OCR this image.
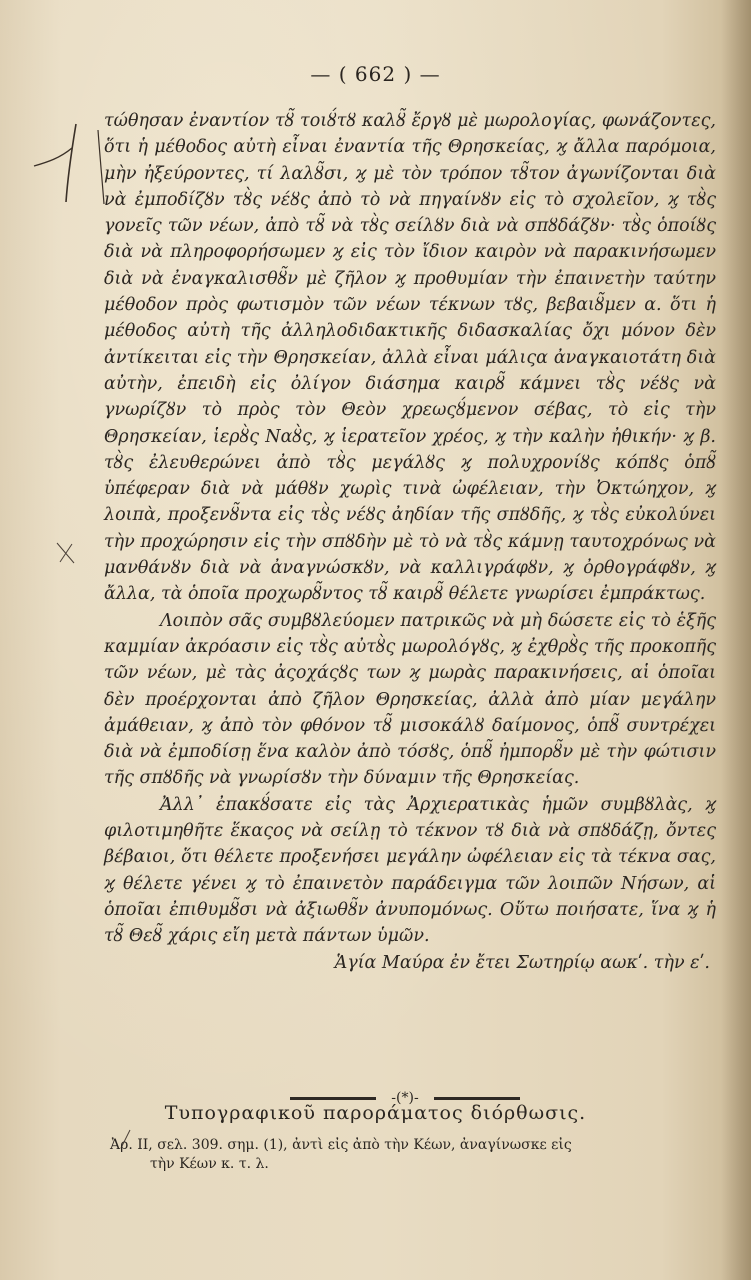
— ( 662 ) —

τώθησαν ἐναντίον τȣ̃ τοιȣ́τȣ καλȣ̃ ἔργȣ μὲ μωρολογίας, φωνάζοντες, ὅτι ἡ μέθοδος αὐτὴ εἶναι ἐναντία τῆς Θρησκείας, ϗ ἄλλα παρόμοια, μὴν ἠξεύροντες, τί λαλȣ̃σι, ϗ μὲ τὸν τρόπον τȣ̃τον ἀγωνίζονται διὰ νὰ ἐμποδίζȣν τȣ̀ς νέȣς ἀπὸ τὸ νὰ πηγαίνȣν εἰς τὸ σχολεῖον, ϗ τȣ̀ς γονεῖς τῶν νέων, ἀπὸ τȣ̃ νὰ τȣ̀ς σείλȣν διὰ νὰ σπȣδάζȣν· τȣ̀ς ὁποίȣς διὰ νὰ πληροφορήσωμεν ϗ εἰς τὸν ἴδιον καιρὸν νὰ παρακινήσωμεν διὰ νὰ ἐναγκαλισθȣ̃ν μὲ ζῆλον ϗ προθυμίαν τὴν ἐπαινετὴν ταύτην μέθοδον πρὸς φωτισμὸν τῶν νέων τέκνων τȣς, βεβαιȣ̃μεν α. ὅτι ἡ μέθοδος αὐτὴ τῆς ἀλληλοδιδακτικῆς διδασκαλίας ὄχι μόνον δὲν ἀντίκειται εἰς τὴν Θρησκείαν, ἀλλὰ εἶναι μάλιςα ἀναγκαιοτάτη διὰ αὐτὴν, ἐπειδὴ εἰς ὀλίγον διάσημα καιρȣ̃ κάμνει τȣ̀ς νέȣς νὰ γνωρίζȣν τὸ πρὸς τὸν Θεὸν χρεωςȣ́μενον σέβας, τὸ εἰς τὴν Θρησκείαν, ἱερȣ̀ς Ναȣ̀ς, ϗ ἱερατεῖον χρέος, ϗ τὴν καλὴν ἠθικήν· ϗ β. τȣ̀ς ἐλευθερώνει ἀπὸ τȣ̀ς μεγάλȣς ϗ πολυχρονίȣς κόπȣς ὁπȣ̃ ὑπέφεραν διὰ νὰ μάθȣν χωρὶς τινὰ ὠφέλειαν, τὴν Ὀκτώηχον, ϗ λοιπὰ, προξενȣ̃ντα εἰς τȣ̀ς νέȣς ἀηδίαν τῆς σπȣδῆς, ϗ τȣ̀ς εὐκολύνει τὴν προχώρησιν εἰς τὴν σπȣδὴν μὲ τὸ νὰ τȣ̀ς κάμνῃ ταυτοχρόνως νὰ μανθάνȣν διὰ νὰ ἀναγνώσκȣν, νὰ καλλιγράφȣν, ϗ ὀρθογράφȣν, ϗ ἄλλα, τὰ ὁποῖα προχωρȣ̃ντος τȣ̃ καιρȣ̃ θέλετε γνωρίσει ἐμπράκτως.

Λοιπὸν σᾶς συμβȣλεύομεν πατρικῶς νὰ μὴ δώσετε εἰς τὸ ἑξῆς καμμίαν ἀκρόασιν εἰς τȣ̀ς αὐτȣ̀ς μωρολόγȣς, ϗ ἐχθρȣ̀ς τῆς προκοπῆς τῶν νέων, μὲ τὰς ἀςοχάςȣς των ϗ μωρὰς παρακινήσεις, αἱ ὁποῖαι δὲν προέρχονται ἀπὸ ζῆλον Θρησκείας, ἀλλὰ ἀπὸ μίαν μεγάλην ἀμάθειαν, ϗ ἀπὸ τὸν φθόνον τȣ̃ μισοκάλȣ δαίμονος, ὁπȣ̃ συντρέχει διὰ νὰ ἐμποδίσῃ ἕνα καλὸν ἀπὸ τόσȣς, ὁπȣ̃ ἠμπορȣ̃ν μὲ τὴν φώτισιν τῆς σπȣδῆς νὰ γνωρίσȣν τὴν δύναμιν τῆς Θρησκείας.

Ἀλλ᾽ ἐπακȣ́σατε εἰς τὰς Ἀρχιερατικὰς ἡμῶν συμβȣλὰς, ϗ φιλοτιμηθῆτε ἕκαςος νὰ σείλῃ τὸ τέκνον τȣ διὰ νὰ σπȣδάζῃ, ὄντες βέβαιοι, ὅτι θέλετε προξενήσει μεγάλην ὠφέλειαν εἰς τὰ τέκνα σας, ϗ θέλετε γένει ϗ τὸ ἐπαινετὸν παράδειγμα τῶν λοιπῶν Νήσων, αἱ ὁποῖαι ἐπιθυμȣ̃σι νὰ ἀξιωθȣ̃ν ἀνυπομόνως. Οὕτω ποιήσατε, ἵνα ϗ ἡ τȣ̃ Θεȣ̃ χάρις εἴη μετὰ πάντων ὑμῶν.

Ἁγία Μαύρα ἐν ἔτει Σωτηρίῳ αωκʹ. τὴν εʹ.

-(*)-
Τυπογραφικοῦ παροράματος διόρθωσις.
Ἀρ. ΙΙ, σελ. 309. σημ. (1), ἀντὶ εἰς ἀπὸ τὴν Κέων, ἀναγίνωσκε εἰς
τὴν Κέων κ. τ. λ.
